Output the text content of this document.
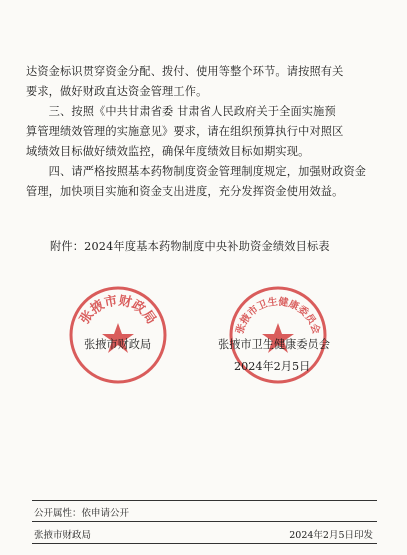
达资金标识贯穿资金分配、拨付、使用等整个环节。请按照有关
要求，做好财政直达资金管理工作。
　　三、按照《中共甘肃省委 甘肃省人民政府关于全面实施预
算管理绩效管理的实施意见》要求，请在组织预算执行中对照区
域绩效目标做好绩效监控，确保年度绩效目标如期实现。
　　四、请严格按照基本药物制度资金管理制度规定，加强财政资金
管理，加快项目实施和资金支出进度，充分发挥资金使用效益。
附件：2024年度基本药物制度中央补助资金绩效目标表
张掖市财政局
张掖市卫生健康委员会
张掖市财政局	张掖市卫生健康委员会
2024年2月5日
公开属性：依申请公开
张掖市财政局	2024年2月5日印发
